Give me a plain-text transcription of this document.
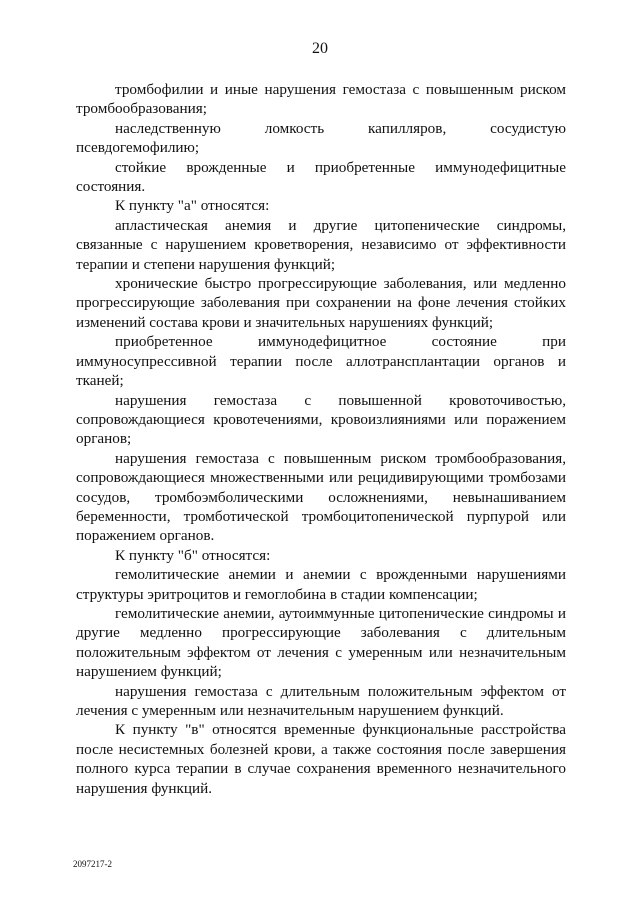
20

тромбофилии и иные нарушения гемостаза с повышенным риском тромбообразования;

наследственную ломкость капилляров, сосудистую псевдогемофилию;

стойкие врожденные и приобретенные иммунодефицитные состояния.

К пункту "а" относятся:

апластическая анемия и другие цитопенические синдромы, связанные с нарушением кроветворения, независимо от эффективности терапии и степени нарушения функций;

хронические быстро прогрессирующие заболевания, или медленно прогрессирующие заболевания при сохранении на фоне лечения стойких изменений состава крови и значительных нарушениях функций;

приобретенное иммунодефицитное состояние при иммуносупрессивной терапии после аллотрансплантации органов и тканей;

нарушения гемостаза с повышенной кровоточивостью, сопровождающиеся кровотечениями, кровоизлияниями или поражением органов;

нарушения гемостаза с повышенным риском тромбообразования, сопровождающиеся множественными или рецидивирующими тромбозами сосудов, тромбоэмболическими осложнениями, невынашиванием беременности, тромботической тромбоцитопенической пурпурой или поражением органов.

К пункту "б" относятся:

гемолитические анемии и анемии с врожденными нарушениями структуры эритроцитов и гемоглобина в стадии компенсации;

гемолитические анемии, аутоиммунные цитопенические синдромы и другие медленно прогрессирующие заболевания с длительным положительным эффектом от лечения с умеренным или незначительным нарушением функций;

нарушения гемостаза с длительным положительным эффектом от лечения с умеренным или незначительным нарушением функций.

К пункту "в" относятся временные функциональные расстройства после несистемных болезней крови, а также состояния после завершения полного курса терапии в случае сохранения временного незначительного нарушения функций.

2097217-2
